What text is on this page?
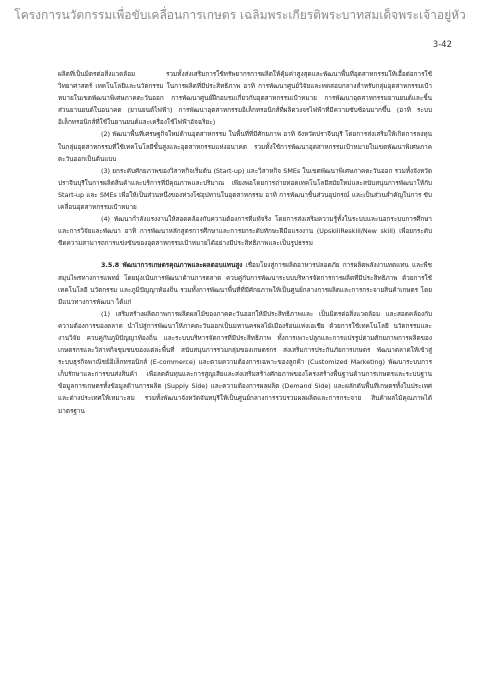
โครงการนวัตกรรมเพื่อขับเคลื่อนการเกษตร เฉลิมพระเกียรติพระบาทสมเด็จพระเจ้าอยู่หัว
3-42

ผลิตที่เป็นมิตรต่อสิ่งแวดล้อม รวมทั้งส่งเสริมการใช้ทรัพยากรการผลิตให้คุ้มค่าสูงสุดและพัฒนาพื้นที่อุตสาหกรรมให้เอื้อต่อการใช้วิทยาศาสตร์ เทคโนโลยีและนวัตกรรม ในการผลิตที่มีประสิทธิภาพ อาทิ การพัฒนาศูนย์วิจัยและทดสอบกลางสำหรับกลุ่มอุตสาหกรรมเป้าหมายในเขตพัฒนาพิเศษภาคตะวันออก การพัฒนาศูนย์ฝึกอบรมเกี่ยวกับอุตสาหกรรมเป้าหมาย การพัฒนาอุตสาหกรรมยานยนต์และชิ้นส่วนยานยนต์ในอนาคต (ยานยนต์ไฟฟ้า) การพัฒนาอุตสาหกรรมอิเล็กทรอนิกส์ที่ผลิตวงจรไฟฟ้าที่มีความซับซ้อนมากขึ้น (อาทิ ระบบอิเล็กทรอนิกส์ที่ใช้ในยานยนต์และเครื่องใช้ไฟฟ้าอัจฉริยะ)

(2) พัฒนาพื้นที่เศรษฐกิจใหม่ด้านอุตสาหกรรม ในพื้นที่ที่มีศักยภาพ อาทิ จังหวัดปราจีนบุรี โดยการส่งเสริมให้เกิดการลงทุนในกลุ่มอุตสาหกรรมที่ใช้เทคโนโลยีขั้นสูงและอุตสาหกรรมแห่งอนาคต รวมทั้งใช้การพัฒนาอุตสาหกรรมเป้าหมายในเขตพัฒนาพิเศษภาคตะวันออกเป็นต้นแบบ

(3) ยกระดับศักยภาพของวิสาหกิจเริ่มต้น (Start-up) และวิสาหกิจ SMEs ในเขตพัฒนาพิเศษภาคตะวันออก รวมทั้งจังหวัดปราจีนบุรีในการผลิตสินค้าและบริการที่มีคุณภาพและปริมาณ เพียงพอโดยการถ่ายทอดเทคโนโลยีสมัยใหม่และสนับสนุนการพัฒนาให้กับ Start-up และ SMEs เพื่อให้เป็นส่วนหนึ่งของห่วงโซ่อุปทานในอุตสาหกรรม อาทิ การพัฒนาชิ้นส่วนอุปกรณ์ และเป็นส่วนสำคัญในการ ขับเคลื่อนอุตสาหกรรมเป้าหมาย

(4) พัฒนากำลังแรงงานให้สอดคล้องกับความต้องการที่แท้จริง โดยการส่งเสริมความรู้ทั้งในระบบและนอกระบบการศึกษาและการวิจัยและพัฒนา อาทิ การพัฒนาหลักสูตรการศึกษาและการยกระดับทักษะฝีมือแรงงาน (UpskillReskill/New skill) เพื่อยกระดับขีดความสามารถการแข่งขันของอุตสาหกรรมเป้าหมายได้อย่างมีประสิทธิภาพและเป็นรูปธรรม

3.5.8 พัฒนาการเกษตรคุณภาพและผลตอบแทนสูง เชื่อมโยงสู่การผลิตอาหารปลอดภัย การผลิตพลังงานทดแทน และพืชสมุนไพรทางการแพทย์ โดยมุ่งเน้นการพัฒนาด้านการตลาด ควบคู่กับการพัฒนาระบบบริหารจัดการการผลิตที่มีประสิทธิภาพ ด้วยการใช้เทคโนโลยี นวัตกรรม และภูมิปัญญาท้องถิ่น รวมทั้งการพัฒนาพื้นที่ที่มีศักยภาพให้เป็นศูนย์กลางการผลิตและการกระจายสินค้าเกษตร โดยมีแนวทางการพัฒนา ได้แก่

(1) เสริมสร้างผลิตภาพการผลิตผลไม้ของภาคตะวันออกให้มีประสิทธิภาพและ เป็นมิตรต่อสิ่งแวดล้อม และสอดคล้องกับความต้องการของตลาด นำไปสู่การพัฒนาให้ภาคตะวันออกเป็นมหานครผลไม้เมืองร้อนแห่งเอเชีย ด้วยการใช้เทคโนโลยี นวัตกรรมและงานวิจัย ควบคู่กับภูมิปัญญาท้องถิ่น และระบบบริหารจัดการที่มีประสิทธิภาพ ทั้งการเพาะปลูกและการแปรรูปตามศักยภาพการผลิตของเกษตรกรและวิสาหกิจชุมชนของแต่ละพื้นที่ สนับสนุนการรวมกลุ่มของเกษตรกร ส่งเสริมการประกันภัยการเกษตร พัฒนาตลาดให้เข้าสู่ระบบธุรกิจพาณิชย์อิเล็กทรอนิกส์ (E-commerce) และตามความต้องการเฉพาะของลูกค้า (Customized Marketing) พัฒนาระบบการเก็บรักษาและการขนส่งสินค้า เพื่อลดต้นทุนและการสูญเสียและส่งเสริมสร้างศักยภาพของโครงสร้างพื้นฐานด้านการเกษตรและระบบฐานข้อมูลการเกษตรทั้งข้อมูลด้านการผลิต (Supply Side) และความต้องการผลผลิต (Demand Side) และผลักดันพื้นที่เกษตรทั้งในประเทศและต่างประเทศให้เหมาะสม รวมทั้งพัฒนาจังหวัดจันทบุรีให้เป็นศูนย์กลางการรวบรวมผลผลิตและการกระจาย สินค้าผลไม้คุณภาพได้มาตรฐาน
